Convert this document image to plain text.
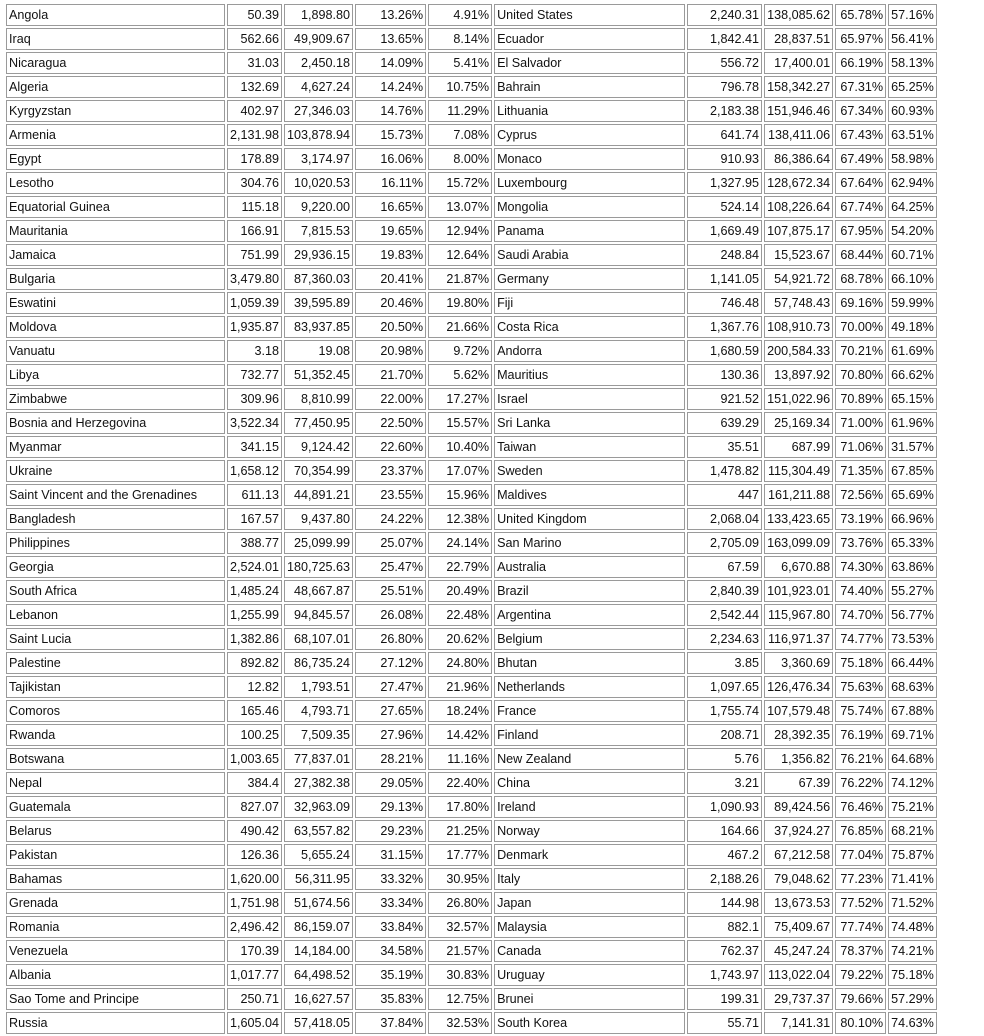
Angola	50.39	1,898.80	13.26%	4.91%	United States	2,240.31	138,085.62	65.78%	57.16%
Iraq	562.66	49,909.67	13.65%	8.14%	Ecuador	1,842.41	28,837.51	65.97%	56.41%
Nicaragua	31.03	2,450.18	14.09%	5.41%	El Salvador	556.72	17,400.01	66.19%	58.13%
Algeria	132.69	4,627.24	14.24%	10.75%	Bahrain	796.78	158,342.27	67.31%	65.25%
Kyrgyzstan	402.97	27,346.03	14.76%	11.29%	Lithuania	2,183.38	151,946.46	67.34%	60.93%
Armenia	2,131.98	103,878.94	15.73%	7.08%	Cyprus	641.74	138,411.06	67.43%	63.51%
Egypt	178.89	3,174.97	16.06%	8.00%	Monaco	910.93	86,386.64	67.49%	58.98%
Lesotho	304.76	10,020.53	16.11%	15.72%	Luxembourg	1,327.95	128,672.34	67.64%	62.94%
Equatorial Guinea	115.18	9,220.00	16.65%	13.07%	Mongolia	524.14	108,226.64	67.74%	64.25%
Mauritania	166.91	7,815.53	19.65%	12.94%	Panama	1,669.49	107,875.17	67.95%	54.20%
Jamaica	751.99	29,936.15	19.83%	12.64%	Saudi Arabia	248.84	15,523.67	68.44%	60.71%
Bulgaria	3,479.80	87,360.03	20.41%	21.87%	Germany	1,141.05	54,921.72	68.78%	66.10%
Eswatini	1,059.39	39,595.89	20.46%	19.80%	Fiji	746.48	57,748.43	69.16%	59.99%
Moldova	1,935.87	83,937.85	20.50%	21.66%	Costa Rica	1,367.76	108,910.73	70.00%	49.18%
Vanuatu	3.18	19.08	20.98%	9.72%	Andorra	1,680.59	200,584.33	70.21%	61.69%
Libya	732.77	51,352.45	21.70%	5.62%	Mauritius	130.36	13,897.92	70.80%	66.62%
Zimbabwe	309.96	8,810.99	22.00%	17.27%	Israel	921.52	151,022.96	70.89%	65.15%
Bosnia and Herzegovina	3,522.34	77,450.95	22.50%	15.57%	Sri Lanka	639.29	25,169.34	71.00%	61.96%
Myanmar	341.15	9,124.42	22.60%	10.40%	Taiwan	35.51	687.99	71.06%	31.57%
Ukraine	1,658.12	70,354.99	23.37%	17.07%	Sweden	1,478.82	115,304.49	71.35%	67.85%
Saint Vincent and the Grenadines	611.13	44,891.21	23.55%	15.96%	Maldives	447	161,211.88	72.56%	65.69%
Bangladesh	167.57	9,437.80	24.22%	12.38%	United Kingdom	2,068.04	133,423.65	73.19%	66.96%
Philippines	388.77	25,099.99	25.07%	24.14%	San Marino	2,705.09	163,099.09	73.76%	65.33%
Georgia	2,524.01	180,725.63	25.47%	22.79%	Australia	67.59	6,670.88	74.30%	63.86%
South Africa	1,485.24	48,667.87	25.51%	20.49%	Brazil	2,840.39	101,923.01	74.40%	55.27%
Lebanon	1,255.99	94,845.57	26.08%	22.48%	Argentina	2,542.44	115,967.80	74.70%	56.77%
Saint Lucia	1,382.86	68,107.01	26.80%	20.62%	Belgium	2,234.63	116,971.37	74.77%	73.53%
Palestine	892.82	86,735.24	27.12%	24.80%	Bhutan	3.85	3,360.69	75.18%	66.44%
Tajikistan	12.82	1,793.51	27.47%	21.96%	Netherlands	1,097.65	126,476.34	75.63%	68.63%
Comoros	165.46	4,793.71	27.65%	18.24%	France	1,755.74	107,579.48	75.74%	67.88%
Rwanda	100.25	7,509.35	27.96%	14.42%	Finland	208.71	28,392.35	76.19%	69.71%
Botswana	1,003.65	77,837.01	28.21%	11.16%	New Zealand	5.76	1,356.82	76.21%	64.68%
Nepal	384.4	27,382.38	29.05%	22.40%	China	3.21	67.39	76.22%	74.12%
Guatemala	827.07	32,963.09	29.13%	17.80%	Ireland	1,090.93	89,424.56	76.46%	75.21%
Belarus	490.42	63,557.82	29.23%	21.25%	Norway	164.66	37,924.27	76.85%	68.21%
Pakistan	126.36	5,655.24	31.15%	17.77%	Denmark	467.2	67,212.58	77.04%	75.87%
Bahamas	1,620.00	56,311.95	33.32%	30.95%	Italy	2,188.26	79,048.62	77.23%	71.41%
Grenada	1,751.98	51,674.56	33.34%	26.80%	Japan	144.98	13,673.53	77.52%	71.52%
Romania	2,496.42	86,159.07	33.84%	32.57%	Malaysia	882.1	75,409.67	77.74%	74.48%
Venezuela	170.39	14,184.00	34.58%	21.57%	Canada	762.37	45,247.24	78.37%	74.21%
Albania	1,017.77	64,498.52	35.19%	30.83%	Uruguay	1,743.97	113,022.04	79.22%	75.18%
Sao Tome and Principe	250.71	16,627.57	35.83%	12.75%	Brunei	199.31	29,737.37	79.66%	57.29%
Russia	1,605.04	57,418.05	37.84%	32.53%	South Korea	55.71	7,141.31	80.10%	74.63%
